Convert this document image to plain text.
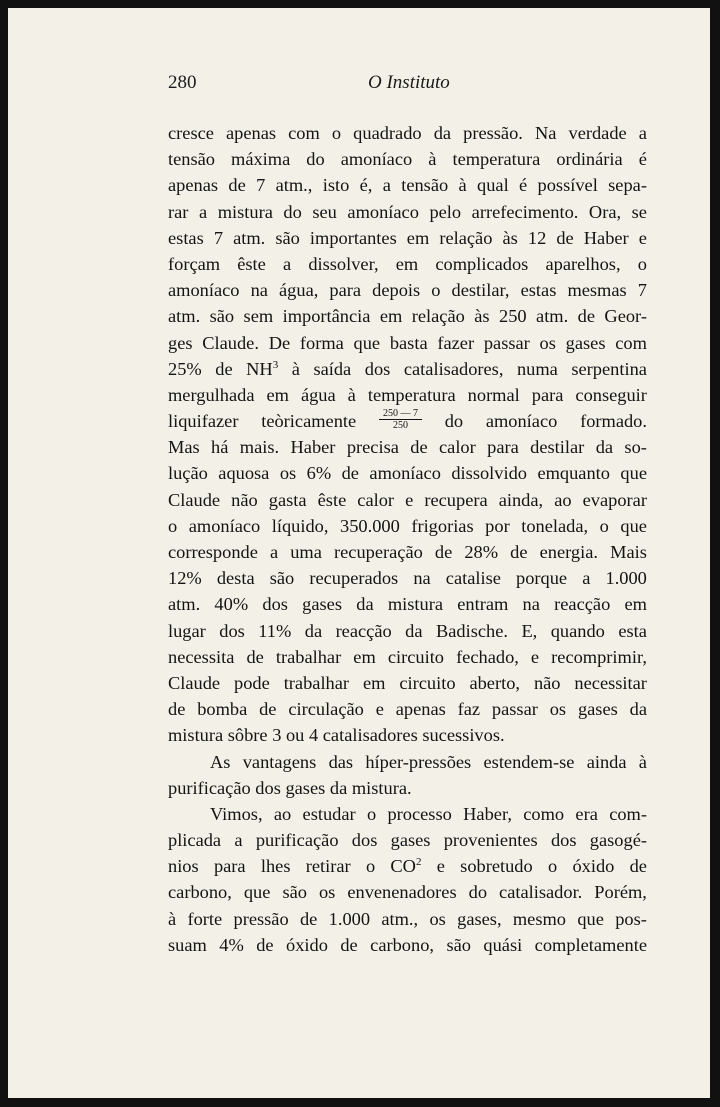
280	O Instituto
cresce apenas com o quadrado da pressão. Na verdade a
tensão máxima do amoníaco à temperatura ordinária é
apenas de 7 atm., isto é, a tensão à qual é possível sepa-
rar a mistura do seu amoníaco pelo arrefecimento. Ora, se
estas 7 atm. são importantes em relação às 12 de Haber e
forçam êste a dissolver, em complicados aparelhos, o
amoníaco na água, para depois o destilar, estas mesmas 7
atm. são sem importância em relação às 250 atm. de Geor-
ges Claude. De forma que basta fazer passar os gases com
25% de $NH^3$ à saída dos catalisadores, numa serpentina
mergulhada em água à temperatura normal para conseguir
liquifazer teòricamente $\frac{250 — 7}{250}$ do amoníaco formado.
Mas há mais. Haber precisa de calor para destilar da so-
lução aquosa os 6% de amoníaco dissolvido emquanto que
Claude não gasta êste calor e recupera ainda, ao evaporar
o amoníaco líquido, 350.000 frigorias por tonelada, o que
corresponde a uma recuperação de 28% de energia. Mais
12% desta são recuperados na catalise porque a 1.000
atm. 40% dos gases da mistura entram na reacção em
lugar dos 11% da reacção da Badische. E, quando esta
necessita de trabalhar em circuito fechado, e recomprimir,
Claude pode trabalhar em circuito aberto, não necessitar
de bomba de circulação e apenas faz passar os gases da
mistura sôbre 3 ou 4 catalisadores sucessivos.
As vantagens das híper-pressões estendem-se ainda à
purificação dos gases da mistura.
Vimos, ao estudar o processo Haber, como era com-
plicada a purificação dos gases provenientes dos gasogé-
nios para lhes retirar o $CO^2$ e sobretudo o óxido de
carbono, que são os envenenadores do catalisador. Porém,
à forte pressão de 1.000 atm., os gases, mesmo que pos-
suam 4% de óxido de carbono, são quási completamente
